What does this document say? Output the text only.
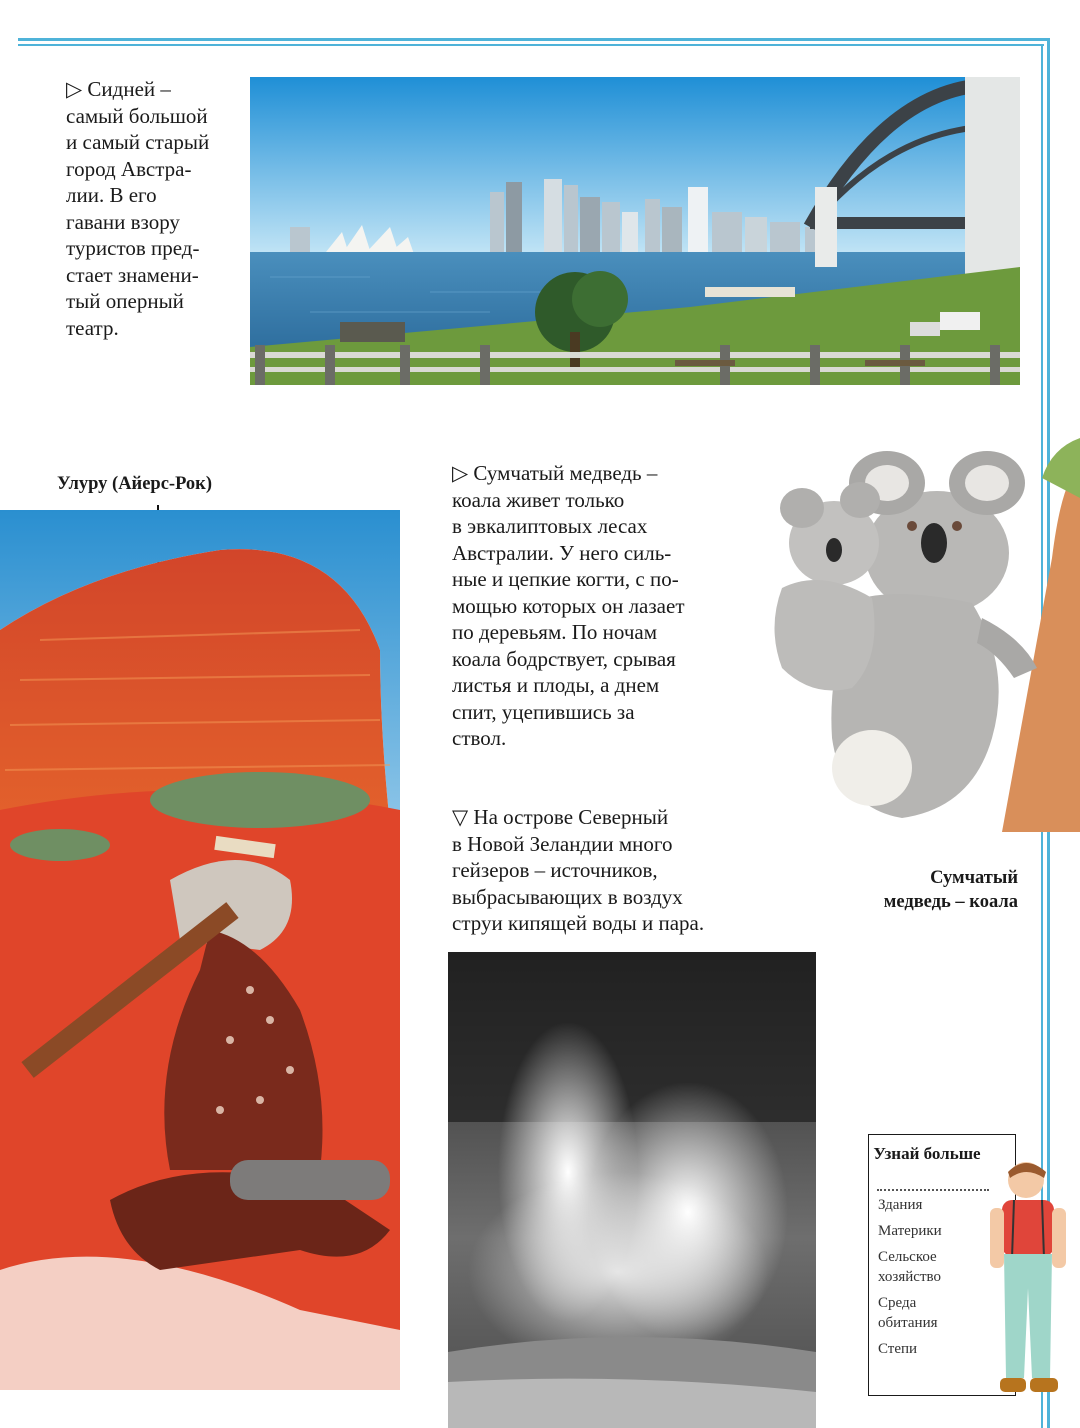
▷ Сидней –
самый большой
и самый старый
город Австра-
лии. В его
гавани взору
туристов пред-
стает знамени-
тый оперный
театр.
Улуру (Айерс-Рок)	▷ Сумчатый медведь –
коала живет только
в эвкалиптовых лесах
Австралии. У него силь-
ные и цепкие когти, с по-
мощью которых он лазает
по деревьям. По ночам
коала бодрствует, срывая
листья и плоды, а днем
спит, уцепившись за
ствол.
Сумчатый
медведь – коала
▽ На острове Северный
в Новой Зеландии много
гейзеров – источников,
выбрасывающих в воздух
струи кипящей воды и пара.
Узнай больше
Здания
Материки
Сельское
хозяйство
Среда
обитания
Степи
